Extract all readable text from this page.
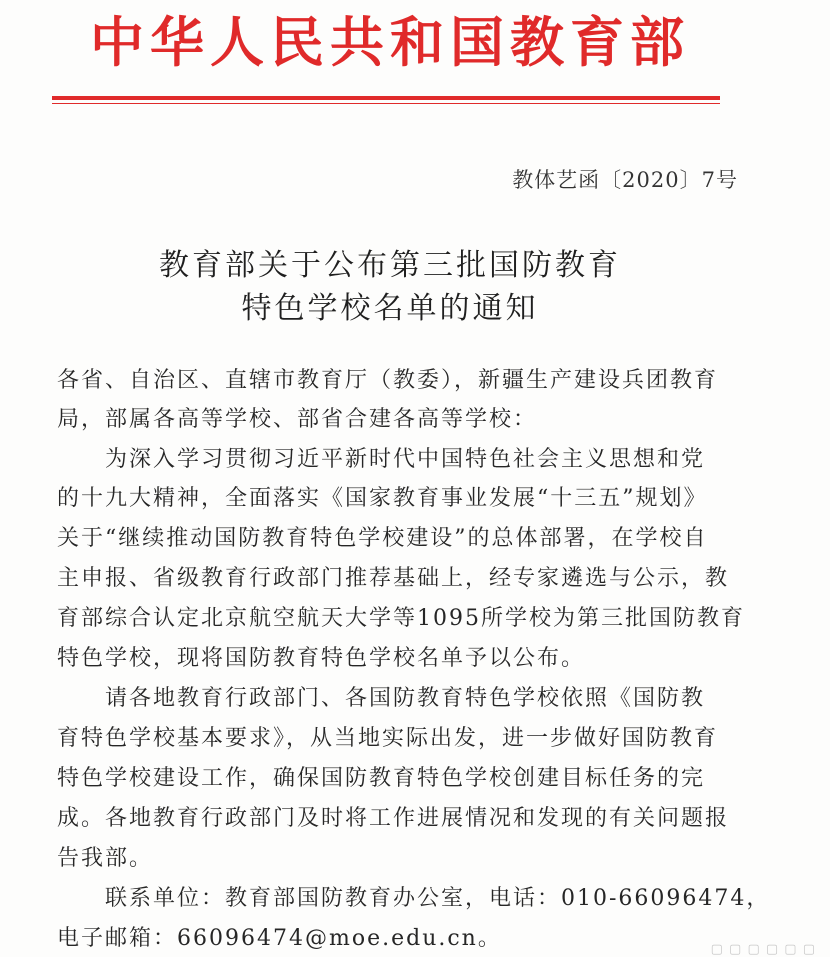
中华人民共和国教育部
教体艺函〔2020〕7号
教育部关于公布第三批国防教育
特色学校名单的通知
各省、自治区、直辖市教育厅（教委），新疆生产建设兵团教育
局，部属各高等学校、部省合建各高等学校：
　　为深入学习贯彻习近平新时代中国特色社会主义思想和党
的十九大精神，全面落实《国家教育事业发展“十三五”规划》
关于“继续推动国防教育特色学校建设”的总体部署，在学校自
主申报、省级教育行政部门推荐基础上，经专家遴选与公示，教
育部综合认定北京航空航天大学等1095所学校为第三批国防教育
特色学校，现将国防教育特色学校名单予以公布。
　　请各地教育行政部门、各国防教育特色学校依照《国防教
育特色学校基本要求》，从当地实际出发，进一步做好国防教育
特色学校建设工作，确保国防教育特色学校创建目标任务的完
成。各地教育行政部门及时将工作进展情况和发现的有关问题报
告我部。
　　联系单位：教育部国防教育办公室，电话：010-66096474，
电子邮箱：66096474@moe.edu.cn。	▢ ▢ ▢ ▢ ▢ ▢
